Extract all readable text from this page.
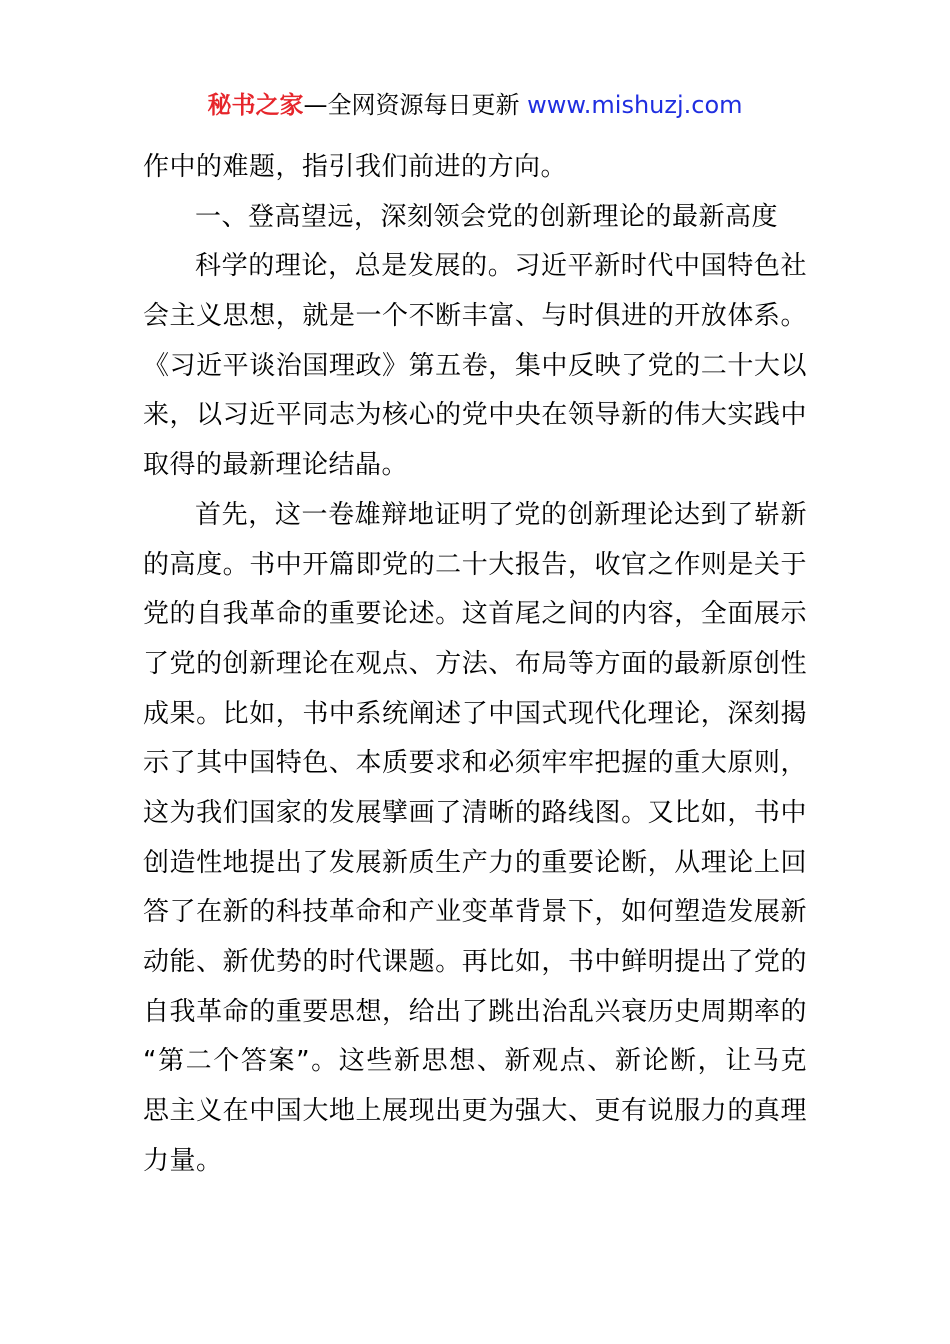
秘书之家—全网资源每日更新 www.mishuzj.com
作中的难题，指引我们前进的方向。
一、登高望远，深刻领会党的创新理论的最新高度
科学的理论，总是发展的。习近平新时代中国特色社
会主义思想，就是一个不断丰富、与时俱进的开放体系。
《习近平谈治国理政》第五卷，集中反映了党的二十大以
来，以习近平同志为核心的党中央在领导新的伟大实践中
取得的最新理论结晶。
首先，这一卷雄辩地证明了党的创新理论达到了崭新
的高度。书中开篇即党的二十大报告，收官之作则是关于
党的自我革命的重要论述。这首尾之间的内容，全面展示
了党的创新理论在观点、方法、布局等方面的最新原创性
成果。比如，书中系统阐述了中国式现代化理论，深刻揭
示了其中国特色、本质要求和必须牢牢把握的重大原则，
这为我们国家的发展擘画了清晰的路线图。又比如，书中
创造性地提出了发展新质生产力的重要论断，从理论上回
答了在新的科技革命和产业变革背景下，如何塑造发展新
动能、新优势的时代课题。再比如，书中鲜明提出了党的
自我革命的重要思想，给出了跳出治乱兴衰历史周期率的
“第二个答案”。这些新思想、新观点、新论断，让马克
思主义在中国大地上展现出更为强大、更有说服力的真理
力量。
